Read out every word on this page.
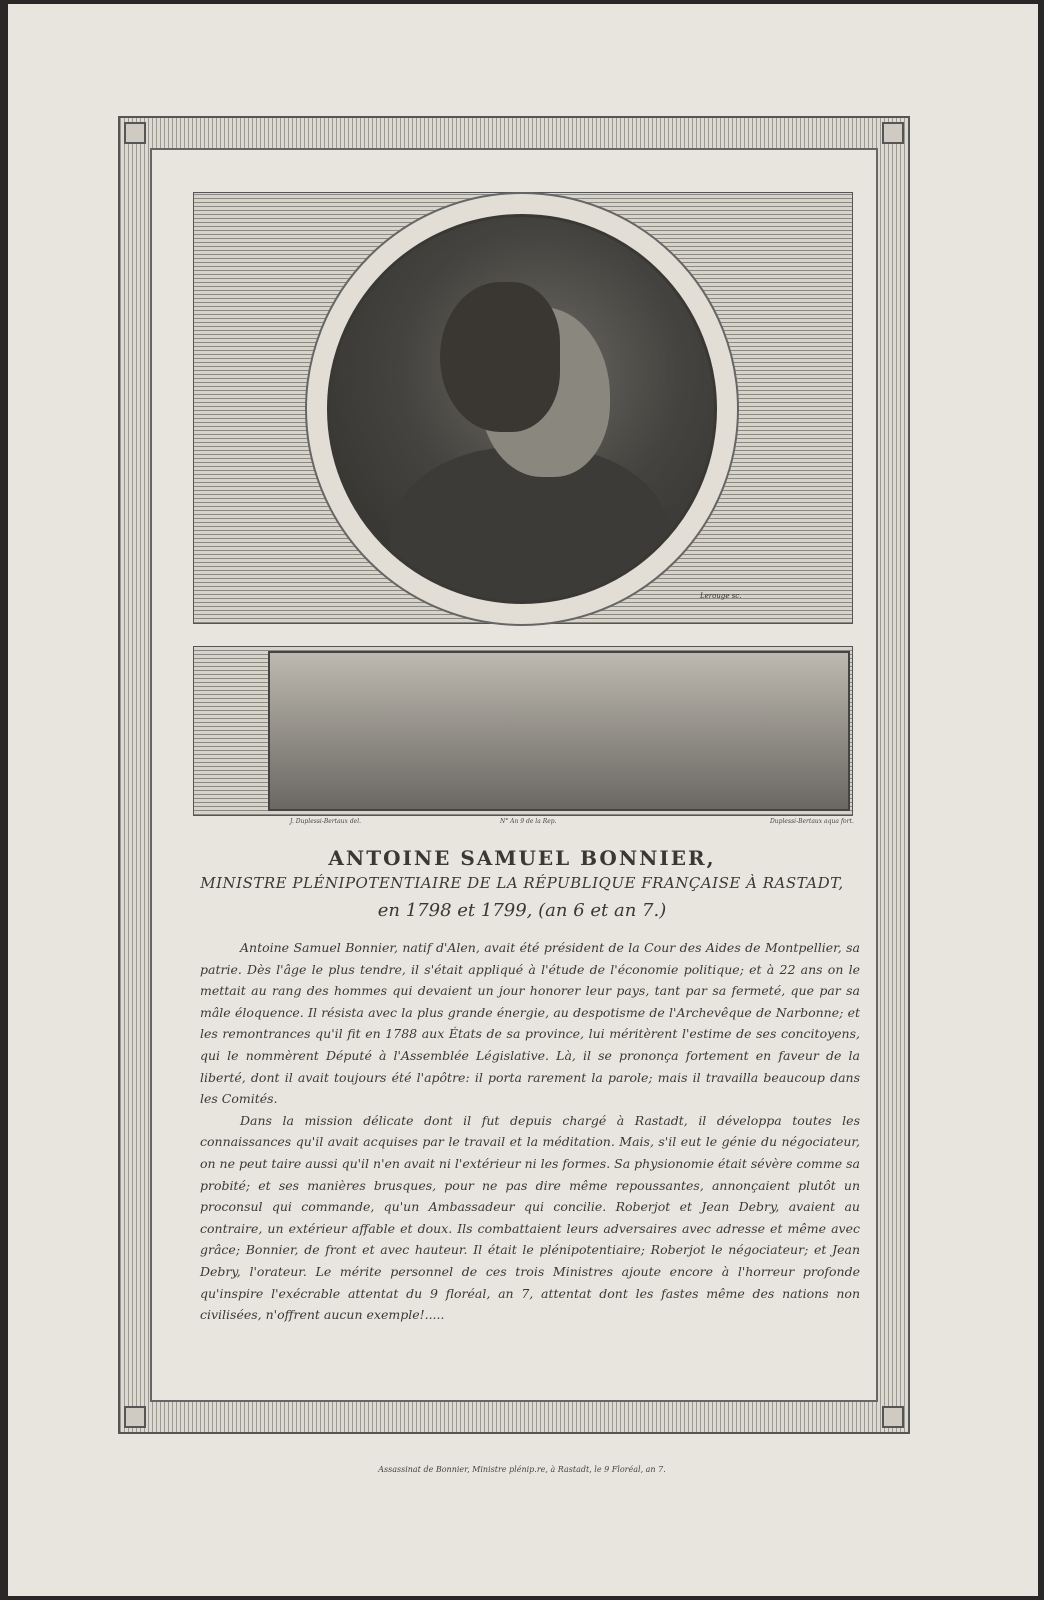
Lerouge sc.
J. Duplessi-Bertaux del.	N° An 9 de la Rep.	Duplessi-Bertaux aqua fort.
ANTOINE SAMUEL BONNIER,
MINISTRE PLÉNIPOTENTIAIRE DE LA RÉPUBLIQUE FRANÇAISE À RASTADT,
en 1798 et 1799, (an 6 et an 7.)

Antoine Samuel Bonnier, natif d'Alen, avait été président de la Cour des Aides de Montpellier, sa patrie. Dès l'âge le plus tendre, il s'était appliqué à l'étude de l'économie politique; et à 22 ans on le mettait au rang des hommes qui devaient un jour honorer leur pays, tant par sa fermeté, que par sa mâle éloquence. Il résista avec la plus grande énergie, au despotisme de l'Archevêque de Narbonne; et les remontrances qu'il fit en 1788 aux États de sa province, lui méritèrent l'estime de ses concitoyens, qui le nommèrent Député à l'Assemblée Législative. Là, il se prononça fortement en faveur de la liberté, dont il avait toujours été l'apôtre: il porta rarement la parole; mais il travailla beaucoup dans les Comités.

Dans la mission délicate dont il fut depuis chargé à Rastadt, il développa toutes les connaissances qu'il avait acquises par le travail et la méditation. Mais, s'il eut le génie du négociateur, on ne peut taire aussi qu'il n'en avait ni l'extérieur ni les formes. Sa physionomie était sévère comme sa probité; et ses manières brusques, pour ne pas dire même repoussantes, annonçaient plutôt un proconsul qui commande, qu'un Ambassadeur qui concilie. Roberjot et Jean Debry, avaient au contraire, un extérieur affable et doux. Ils combattaient leurs adversaires avec adresse et même avec grâce; Bonnier, de front et avec hauteur. Il était le plénipotentiaire; Roberjot le négociateur; et Jean Debry, l'orateur. Le mérite personnel de ces trois Ministres ajoute encore à l'horreur profonde qu'inspire l'exécrable attentat du 9 floréal, an 7, attentat dont les fastes même des nations non civilisées, n'offrent aucun exemple!.....

Assassinat de Bonnier, Ministre plénip.re, à Rastadt, le 9 Floréal, an 7.
